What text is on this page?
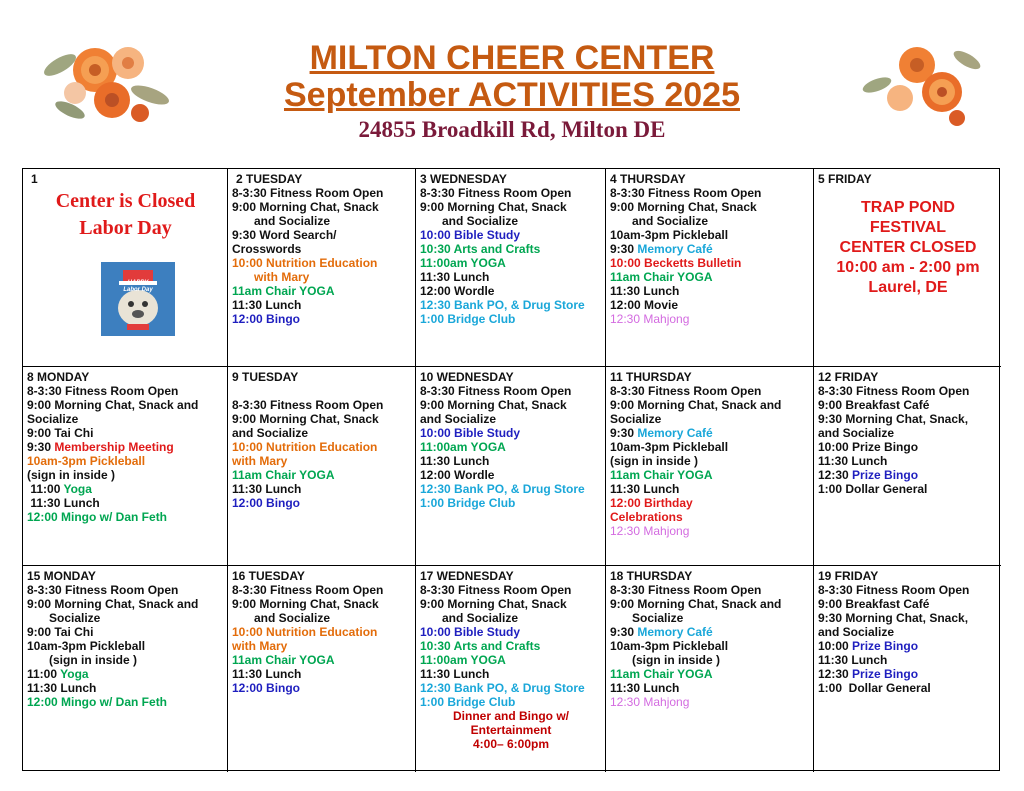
MILTON CHEER CENTER
September ACTIVITIES 2025
24855 Broadkill Rd, Milton DE
1
Center is Closed
Labor Day
HAPPY
Labor Day
2 TUESDAY
8-3:30 Fitness Room Open
9:00 Morning Chat, Snack
and Socialize
9:30 Word Search/
Crosswords
10:00 Nutrition Education
with Mary
11am Chair YOGA
11:30 Lunch
12:00 Bingo
3 WEDNESDAY
8-3:30 Fitness Room Open
9:00 Morning Chat, Snack
and Socialize
10:00 Bible Study
10:30 Arts and Crafts
11:00am YOGA
11:30 Lunch
12:00 Wordle
12:30 Bank PO, & Drug Store
1:00 Bridge Club
4 THURSDAY
8-3:30 Fitness Room Open
9:00 Morning Chat, Snack
and Socialize
10am-3pm Pickleball
9:30 Memory Café
10:00 Becketts Bulletin
11am Chair YOGA
11:30 Lunch
12:00 Movie
12:30 Mahjong
5 FRIDAY
TRAP POND
FESTIVAL
CENTER CLOSED
10:00 am - 2:00 pm
Laurel, DE
8 MONDAY
8-3:30 Fitness Room Open
9:00 Morning Chat, Snack and
Socialize
9:00 Tai Chi
9:30 Membership Meeting
10am-3pm Pickleball
(sign in inside )
11:00 Yoga
11:30 Lunch
12:00 Mingo w/ Dan Feth
9 TUESDAY
8-3:30 Fitness Room Open
9:00 Morning Chat, Snack
and Socialize
10:00 Nutrition Education
with Mary
11am Chair YOGA
11:30 Lunch
12:00 Bingo
10 WEDNESDAY
8-3:30 Fitness Room Open
9:00 Morning Chat, Snack
and Socialize
10:00 Bible Study
11:00am YOGA
11:30 Lunch
12:00 Wordle
12:30 Bank PO, & Drug Store
1:00 Bridge Club
11 THURSDAY
8-3:30 Fitness Room Open
9:00 Morning Chat, Snack and
Socialize
9:30 Memory Café
10am-3pm Pickleball
(sign in inside )
11am Chair YOGA
11:30 Lunch
12:00 Birthday
Celebrations
12:30 Mahjong
12 FRIDAY
8-3:30 Fitness Room Open
9:00 Breakfast Café
9:30 Morning Chat, Snack,
and Socialize
10:00 Prize Bingo
11:30 Lunch
12:30 Prize Bingo
1:00 Dollar General
15 MONDAY
8-3:30 Fitness Room Open
9:00 Morning Chat, Snack and
Socialize
9:00 Tai Chi
10am-3pm Pickleball
(sign in inside )
11:00 Yoga
11:30 Lunch
12:00 Mingo w/ Dan Feth
16 TUESDAY
8-3:30 Fitness Room Open
9:00 Morning Chat, Snack
and Socialize
10:00 Nutrition Education
with Mary
11am Chair YOGA
11:30 Lunch
12:00 Bingo
17 WEDNESDAY
8-3:30 Fitness Room Open
9:00 Morning Chat, Snack
and Socialize
10:00 Bible Study
10:30 Arts and Crafts
11:00am YOGA
11:30 Lunch
12:30 Bank PO, & Drug Store
1:00 Bridge Club
Dinner and Bingo w/
Entertainment
4:00– 6:00pm
18 THURSDAY
8-3:30 Fitness Room Open
9:00 Morning Chat, Snack and
Socialize
9:30 Memory Café
10am-3pm Pickleball
(sign in inside )
11am Chair YOGA
11:30 Lunch
12:30 Mahjong
19 FRIDAY
8-3:30 Fitness Room Open
9:00 Breakfast Café
9:30 Morning Chat, Snack,
and Socialize
10:00 Prize Bingo
11:30 Lunch
12:30 Prize Bingo
1:00  Dollar General
